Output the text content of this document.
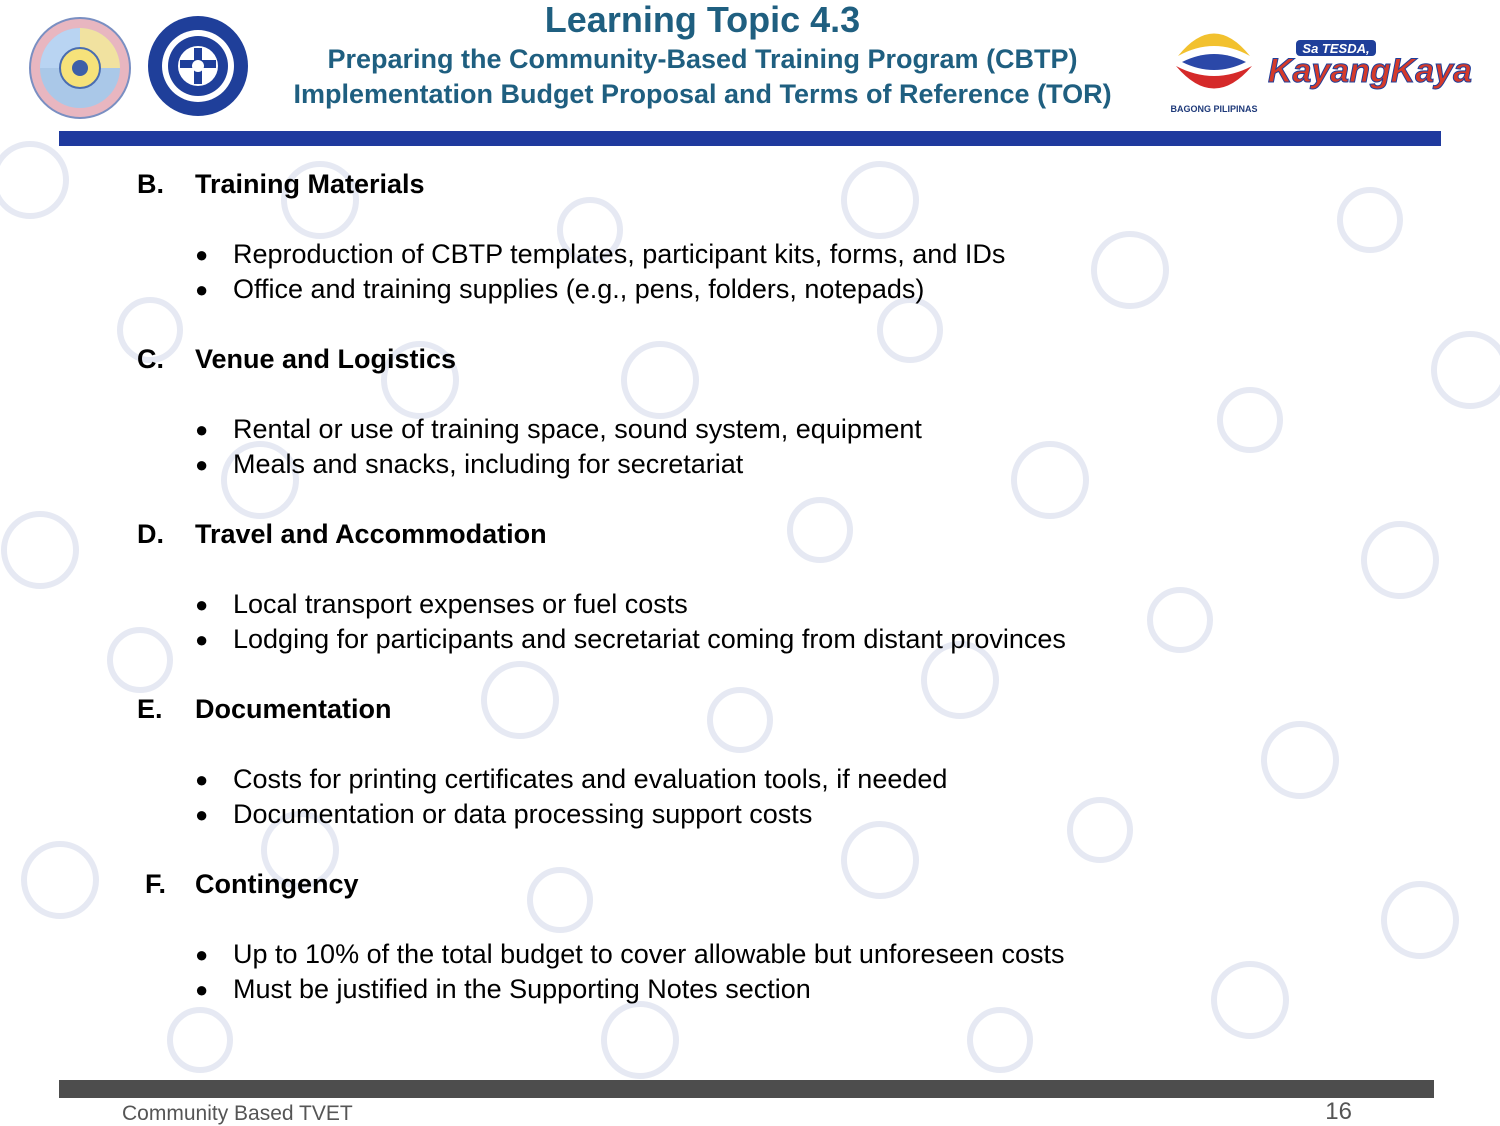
BAGONG PILIPINAS
Sa TESDA,
KayangKaya
Learning Topic 4.3
Preparing the Community-Based Training Program (CBTP)
Implementation Budget Proposal and Terms of Reference (TOR)
B. Training Materials
● Reproduction of CBTP templates, participant kits, forms, and IDs
● Office and training supplies (e.g., pens, folders, notepads)
C. Venue and Logistics
● Rental or use of training space, sound system, equipment
● Meals and snacks, including for secretariat
D. Travel and Accommodation
● Local transport expenses or fuel costs
● Lodging for participants and secretariat coming from distant provinces
E. Documentation
● Costs for printing certificates and evaluation tools, if needed
● Documentation or data processing support costs
F. Contingency
● Up to 10% of the total budget to cover allowable but unforeseen costs
● Must be justified in the Supporting Notes section
Community Based TVET	16
